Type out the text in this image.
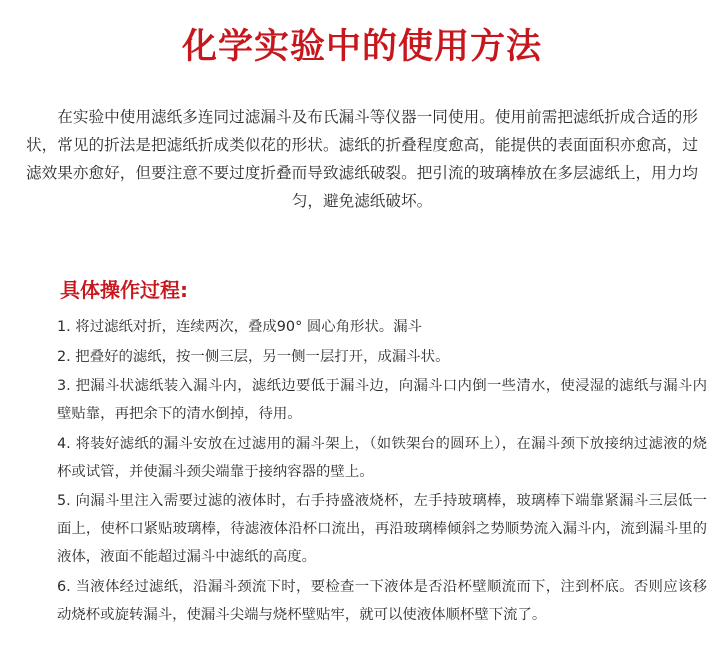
化学实验中的使用方法

在实验中使用滤纸多连同过滤漏斗及布氏漏斗等仪器一同使用。使用前需把滤纸折成合适的形状，常见的折法是把滤纸折成类似花的形状。滤纸的折叠程度愈高，能提供的表面面积亦愈高，过滤效果亦愈好，但要注意不要过度折叠而导致滤纸破裂。把引流的玻璃棒放在多层滤纸上，用力均匀，避免滤纸破坏。

具体操作过程:
1. 将过滤纸对折，连续两次，叠成90° 圆心角形状。漏斗
2. 把叠好的滤纸，按一侧三层，另一侧一层打开，成漏斗状。
3. 把漏斗状滤纸装入漏斗内，滤纸边要低于漏斗边，向漏斗口内倒一些清水，使浸湿的滤纸与漏斗内壁贴靠，再把余下的清水倒掉，待用。
4. 将装好滤纸的漏斗安放在过滤用的漏斗架上，（如铁架台的圆环上），在漏斗颈下放接纳过滤液的烧杯或试管，并使漏斗颈尖端靠于接纳容器的壁上。
5. 向漏斗里注入需要过滤的液体时，右手持盛液烧杯，左手持玻璃棒，玻璃棒下端靠紧漏斗三层低一面上，使杯口紧贴玻璃棒，待滤液体沿杯口流出，再沿玻璃棒倾斜之势顺势流入漏斗内，流到漏斗里的液体，液面不能超过漏斗中滤纸的高度。
6. 当液体经过滤纸，沿漏斗颈流下时，要检查一下液体是否沿杯壁顺流而下，注到杯底。否则应该移动烧杯或旋转漏斗，使漏斗尖端与烧杯壁贴牢，就可以使液体顺杯壁下流了。
